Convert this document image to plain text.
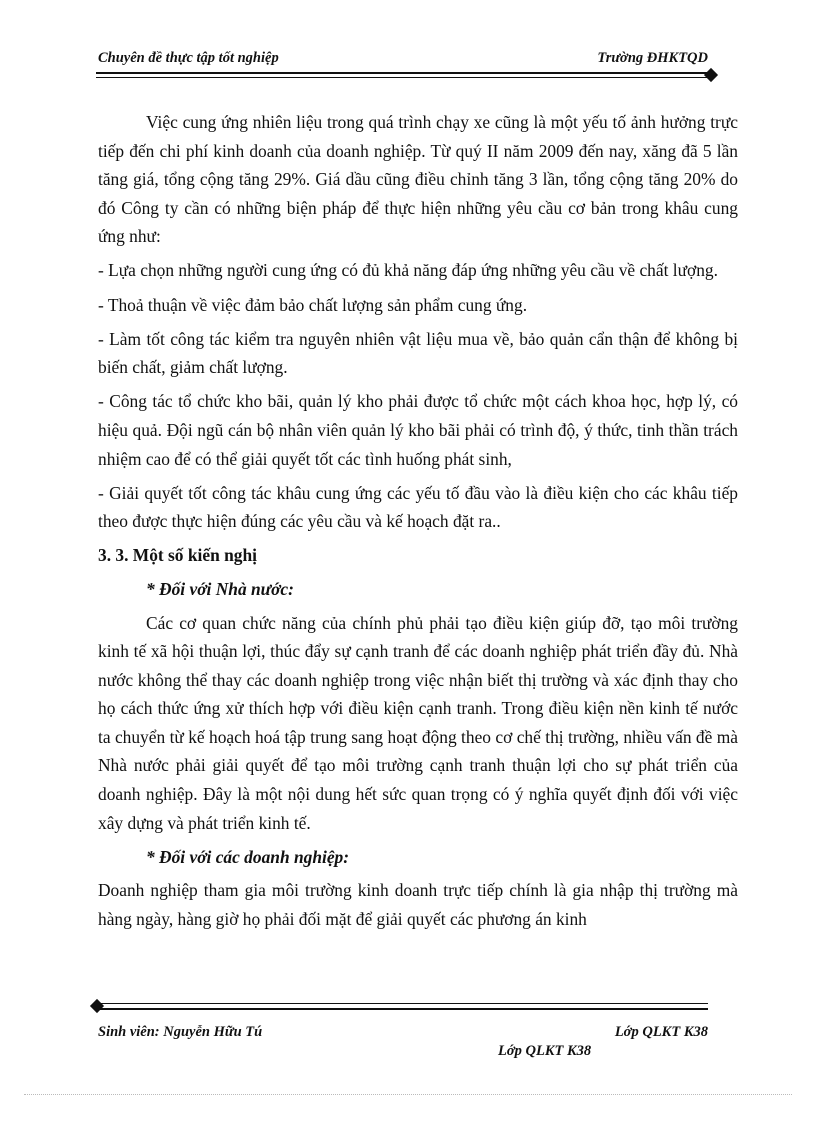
Chuyên đề thực tập tốt nghiệp	Trường ĐHKTQD

Việc cung ứng nhiên liệu trong quá trình chạy xe cũng là một yếu tố ảnh hưởng trực tiếp đến chi phí kinh doanh của doanh nghiệp. Từ quý II năm 2009 đến nay, xăng đã 5 lần tăng giá, tổng cộng tăng 29%. Giá dầu cũng điều chỉnh tăng 3 lần, tổng cộng tăng 20% do đó Công ty cần có những biện pháp để thực hiện những yêu cầu cơ bản trong khâu cung ứng như:

- Lựa chọn những người cung ứng có đủ khả năng đáp ứng những yêu cầu về chất lượng.

- Thoả thuận về việc đảm bảo chất lượng sản phẩm cung ứng.

- Làm tốt công tác kiểm tra nguyên nhiên vật liệu mua về, bảo quản cẩn thận để không bị biến chất, giảm chất lượng.

- Công tác tổ chức kho bãi, quản lý kho phải được tổ chức một cách khoa học, hợp lý, có hiệu quả. Đội ngũ cán bộ nhân viên quản lý kho bãi phải có trình độ, ý thức, tinh thần trách nhiệm cao để có thể giải quyết tốt các tình huống phát sinh,

- Giải quyết tốt công tác khâu cung ứng các yếu tố đầu vào là điều kiện cho các khâu tiếp theo được thực hiện đúng các yêu cầu và kế hoạch đặt ra..

3. 3. Một số kiến nghị
* Đối với Nhà nước:

Các cơ quan chức năng của chính phủ phải tạo điều kiện giúp đỡ, tạo môi trường kinh tế xã hội thuận lợi, thúc đẩy sự cạnh tranh để các doanh nghiệp phát triển đầy đủ. Nhà nước không thể thay các doanh nghiệp trong việc nhận biết thị trường và xác định thay cho họ cách thức ứng xử thích hợp với điều kiện cạnh tranh. Trong điều kiện nền kinh tế nước ta chuyển từ kế hoạch hoá tập trung sang hoạt động theo cơ chế thị trường, nhiều vấn đề mà Nhà nước phải giải quyết để tạo môi trường cạnh tranh thuận lợi cho sự phát triển của doanh nghiệp. Đây là một nội dung hết sức quan trọng có ý nghĩa quyết định đối với việc xây dựng và phát triển kinh tế.

* Đối với các doanh nghiệp:

Doanh nghiệp tham gia môi trường kinh doanh trực tiếp chính là gia nhập thị trường mà hàng ngày, hàng giờ họ phải đối mặt để giải quyết các phương án kinh

Sinh viên: Nguyễn Hữu Tú	Lớp QLKT K38
Lớp QLKT K38
